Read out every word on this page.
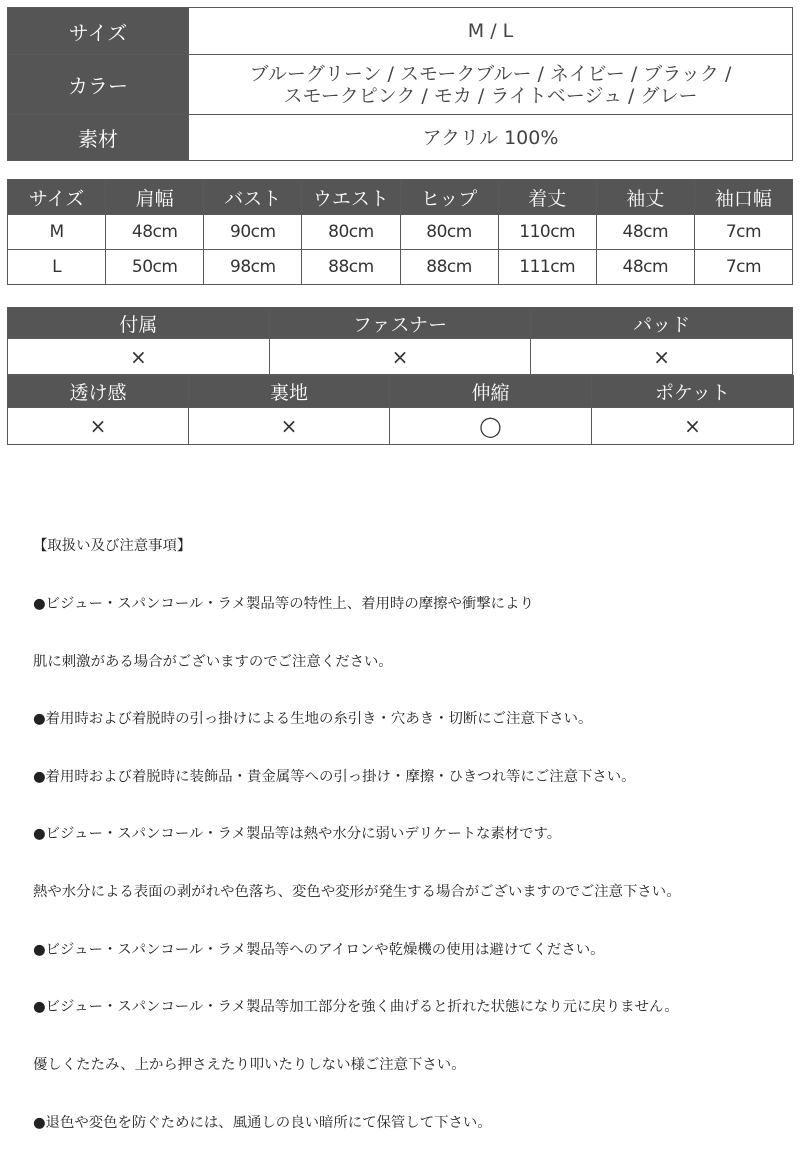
サイズ	M / L
カラー	ブルーグリーン / スモークブルー / ネイビー / ブラック /
スモークピンク / モカ / ライトベージュ / グレー

素材	アクリル 100%
サイズ	肩幅	バスト	ウエスト	ヒップ	着丈	袖丈	袖口幅
M	48cm	90cm	80cm	80cm	110cm	48cm	7cm
L	50cm	98cm	88cm	88cm	111cm	48cm	7cm
付属	ファスナー	パッド
×	×	×
透け感	裏地	伸縮	ポケット
×	×	◯	×

【取扱い及び注意事項】

●ビジュー・スパンコール・ラメ製品等の特性上、着用時の摩擦や衝撃により

肌に刺激がある場合がございますのでご注意ください。

●着用時および着脱時の引っ掛けによる生地の糸引き・穴あき・切断にご注意下さい。

●着用時および着脱時に装飾品・貴金属等への引っ掛け・摩擦・ひきつれ等にご注意下さい。

●ビジュー・スパンコール・ラメ製品等は熱や水分に弱いデリケートな素材です。

熱や水分による表面の剥がれや色落ち、変色や変形が発生する場合がございますのでご注意下さい。

●ビジュー・スパンコール・ラメ製品等へのアイロンや乾燥機の使用は避けてください。

●ビジュー・スパンコール・ラメ製品等加工部分を強く曲げると折れた状態になり元に戻りません。

優しくたたみ、上から押さえたり叩いたりしない様ご注意下さい。

●退色や変色を防ぐためには、風通しの良い暗所にて保管して下さい。
